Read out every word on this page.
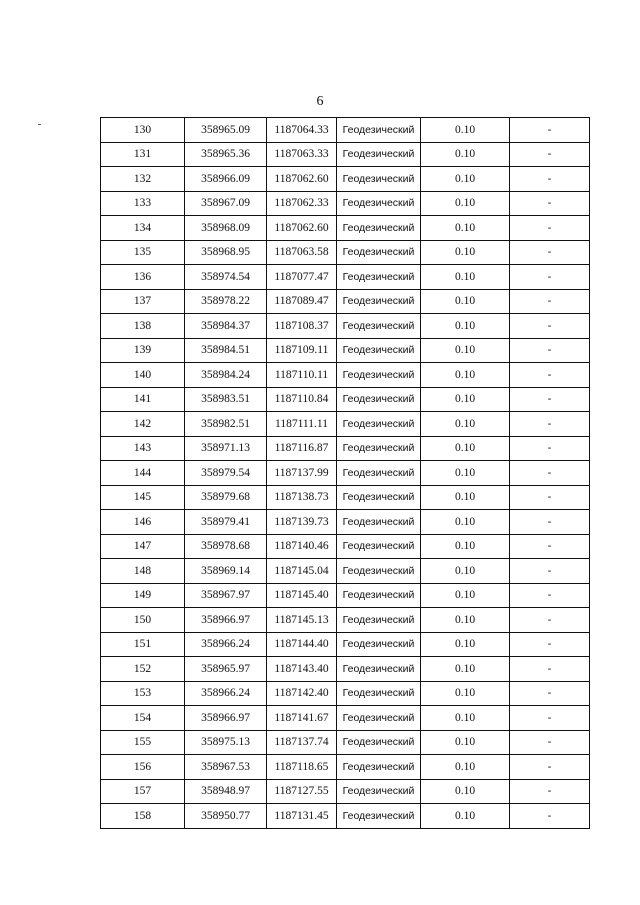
6
130	358965.09	1187064.33	Геодезический	0.10	-
131	358965.36	1187063.33	Геодезический	0.10	-
132	358966.09	1187062.60	Геодезический	0.10	-
133	358967.09	1187062.33	Геодезический	0.10	-
134	358968.09	1187062.60	Геодезический	0.10	-
135	358968.95	1187063.58	Геодезический	0.10	-
136	358974.54	1187077.47	Геодезический	0.10	-
137	358978.22	1187089.47	Геодезический	0.10	-
138	358984.37	1187108.37	Геодезический	0.10	-
139	358984.51	1187109.11	Геодезический	0.10	-
140	358984.24	1187110.11	Геодезический	0.10	-
141	358983.51	1187110.84	Геодезический	0.10	-
142	358982.51	1187111.11	Геодезический	0.10	-
143	358971.13	1187116.87	Геодезический	0.10	-
144	358979.54	1187137.99	Геодезический	0.10	-
145	358979.68	1187138.73	Геодезический	0.10	-
146	358979.41	1187139.73	Геодезический	0.10	-
147	358978.68	1187140.46	Геодезический	0.10	-
148	358969.14	1187145.04	Геодезический	0.10	-
149	358967.97	1187145.40	Геодезический	0.10	-
150	358966.97	1187145.13	Геодезический	0.10	-
151	358966.24	1187144.40	Геодезический	0.10	-
152	358965.97	1187143.40	Геодезический	0.10	-
153	358966.24	1187142.40	Геодезический	0.10	-
154	358966.97	1187141.67	Геодезический	0.10	-
155	358975.13	1187137.74	Геодезический	0.10	-
156	358967.53	1187118.65	Геодезический	0.10	-
157	358948.97	1187127.55	Геодезический	0.10	-
158	358950.77	1187131.45	Геодезический	0.10	-
